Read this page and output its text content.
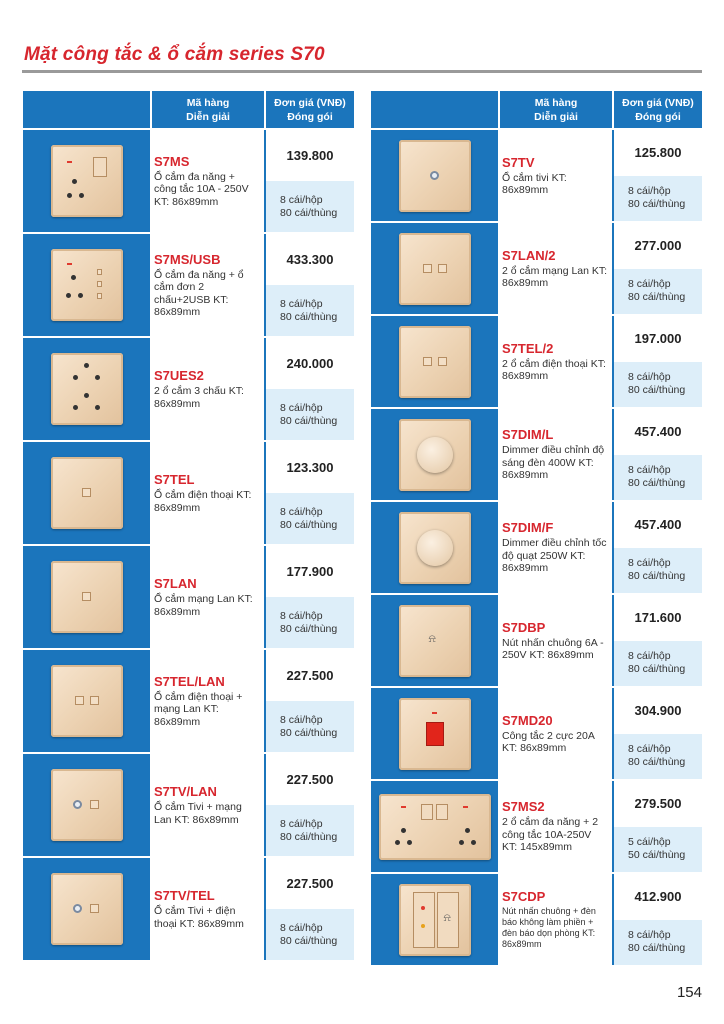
Mặt công tắc & ổ cắm series S70
Mã hàng
Diễn giải
Đơn giá (VNĐ)
Đóng gói
S7MS
Ổ cắm đa năng + công tắc 10A - 250V KT: 86x89mm
139.800
8 cái/hộp
80 cái/thùng
S7MS/USB
Ổ cắm đa năng + ổ cắm đơn 2 chấu+2USB KT: 86x89mm
433.300
8 cái/hộp
80 cái/thùng
S7UES2
2 ổ cắm 3 chấu KT: 86x89mm
240.000
8 cái/hộp
80 cái/thùng
S7TEL
Ổ cắm điện thoại KT: 86x89mm
123.300
8 cái/hộp
80 cái/thùng
S7LAN
Ổ cắm mạng Lan KT: 86x89mm
177.900
8 cái/hộp
80 cái/thùng
S7TEL/LAN
Ổ cắm điện thoại + mạng Lan KT: 86x89mm
227.500
8 cái/hộp
80 cái/thùng
S7TV/LAN
Ổ cắm Tivi + mạng Lan KT: 86x89mm
227.500
8 cái/hộp
80 cái/thùng
S7TV/TEL
Ổ cắm Tivi + điện thoại KT: 86x89mm
227.500
8 cái/hộp
80 cái/thùng
Mã hàng
Diễn giải
Đơn giá (VNĐ)
Đóng gói
S7TV
Ổ cắm tivi KT: 86x89mm
125.800
8 cái/hộp
80 cái/thùng
S7LAN/2
2 ổ cắm mạng Lan KT: 86x89mm
277.000
8 cái/hộp
80 cái/thùng
S7TEL/2
2 ổ cắm điện thoại KT: 86x89mm
197.000
8 cái/hộp
80 cái/thùng
S7DIM/L
Dimmer điều chỉnh độ sáng đèn 400W KT: 86x89mm
457.400
8 cái/hộp
80 cái/thùng
S7DIM/F
Dimmer điều chỉnh tốc độ quạt 250W KT: 86x89mm
457.400
8 cái/hộp
80 cái/thùng
⍾
S7DBP
Nút nhấn chuông 6A - 250V KT: 86x89mm
171.600
8 cái/hộp
80 cái/thùng
S7MD20
Công tắc 2 cực 20A KT: 86x89mm
304.900
8 cái/hộp
80 cái/thùng
S7MS2
2 ổ cắm đa năng + 2 công tắc 10A-250V KT: 145x89mm
279.500
5 cái/hộp
50 cái/thùng
⍾
S7CDP
Nút nhấn chuông + đèn báo không làm phiền + đèn báo dọn phòng KT: 86x89mm
412.900
8 cái/hộp
80 cái/thùng
154
